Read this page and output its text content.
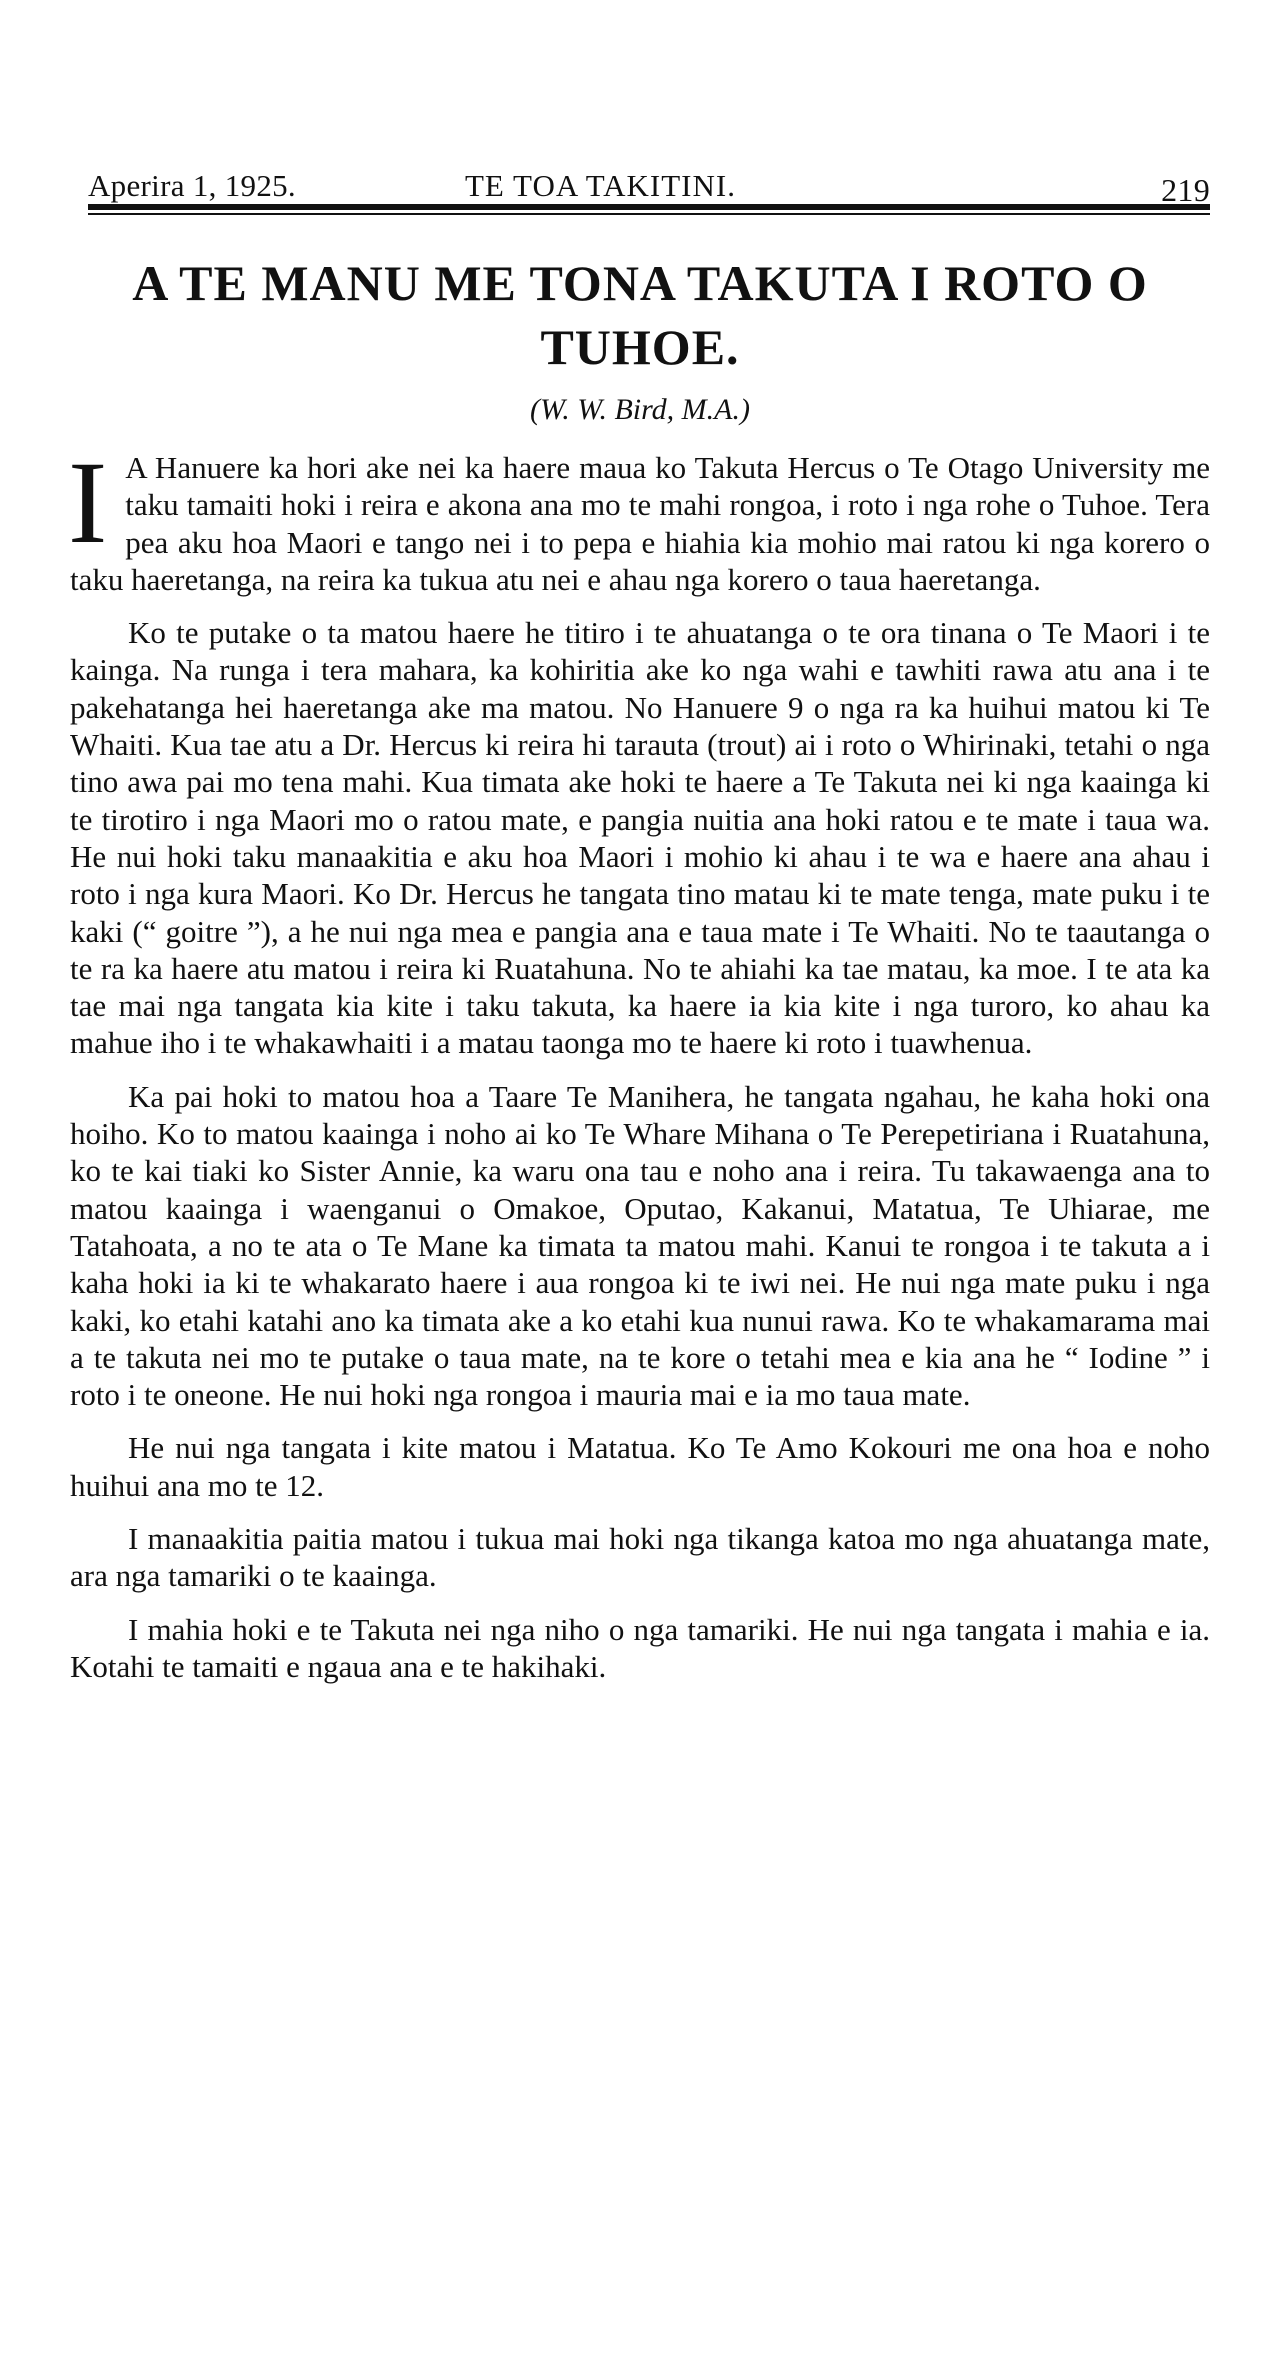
Aperira 1, 1925.	TE TOA TAKITINI.	219
A TE MANU ME TONA TAKUTA I ROTO O
TUHOE.
(W. W. Bird, M.A.)

I A Hanuere ka hori ake nei ka haere maua ko Takuta Hercus o Te Otago University me taku tamaiti hoki i reira e akona ana mo te mahi rongoa, i roto i nga rohe o Tuhoe. Tera pea aku hoa Maori e tango nei i to pepa e hiahia kia mohio mai ratou ki nga korero o taku haeretanga, na reira ka tukua atu nei e ahau nga korero o taua haeretanga.

Ko te putake o ta matou haere he titiro i te ahuatanga o te ora tinana o Te Maori i te kainga. Na runga i tera mahara, ka kohiritia ake ko nga wahi e tawhiti rawa atu ana i te pakehatanga hei haeretanga ake ma matou. No Hanuere 9 o nga ra ka huihui matou ki Te Whaiti. Kua tae atu a Dr. Hercus ki reira hi tarauta (trout) ai i roto o Whirinaki, tetahi o nga tino awa pai mo tena mahi. Kua timata ake hoki te haere a Te Takuta nei ki nga kaainga ki te tirotiro i nga Maori mo o ratou mate, e pangia nuitia ana hoki ratou e te mate i taua wa. He nui hoki taku manaakitia e aku hoa Maori i mohio ki ahau i te wa e haere ana ahau i roto i nga kura Maori. Ko Dr. Hercus he tangata tino matau ki te mate tenga, mate puku i te kaki (“ goitre ”), a he nui nga mea e pangia ana e taua mate i Te Whaiti. No te taautanga o te ra ka haere atu matou i reira ki Ruatahuna. No te ahiahi ka tae matau, ka moe. I te ata ka tae mai nga tangata kia kite i taku takuta, ka haere ia kia kite i nga turoro, ko ahau ka mahue iho i te whakawhaiti i a matau taonga mo te haere ki roto i tuawhenua.

Ka pai hoki to matou hoa a Taare Te Manihera, he tangata ngahau, he kaha hoki ona hoiho. Ko to matou kaainga i noho ai ko Te Whare Mihana o Te Perepetiriana i Ruatahuna, ko te kai tiaki ko Sister Annie, ka waru ona tau e noho ana i reira. Tu takawaenga ana to matou kaainga i waenganui o Omakoe, Oputao, Kakanui, Matatua, Te Uhiarae, me Tatahoata, a no te ata o Te Mane ka timata ta matou mahi. Kanui te rongoa i te takuta a i kaha hoki ia ki te whakarato haere i aua rongoa ki te iwi nei. He nui nga mate puku i nga kaki, ko etahi katahi ano ka timata ake a ko etahi kua nunui rawa. Ko te whakamarama mai a te takuta nei mo te putake o taua mate, na te kore o tetahi mea e kia ana he “ Iodine ” i roto i te oneone. He nui hoki nga rongoa i mauria mai e ia mo taua mate.

He nui nga tangata i kite matou i Matatua. Ko Te Amo Kokouri me ona hoa e noho huihui ana mo te 12.

I manaakitia paitia matou i tukua mai hoki nga tikanga katoa mo nga ahuatanga mate, ara nga tamariki o te kaainga.

I mahia hoki e te Takuta nei nga niho o nga tamariki. He nui nga tangata i mahia e ia. Kotahi te tamaiti e ngaua ana e te hakihaki.
